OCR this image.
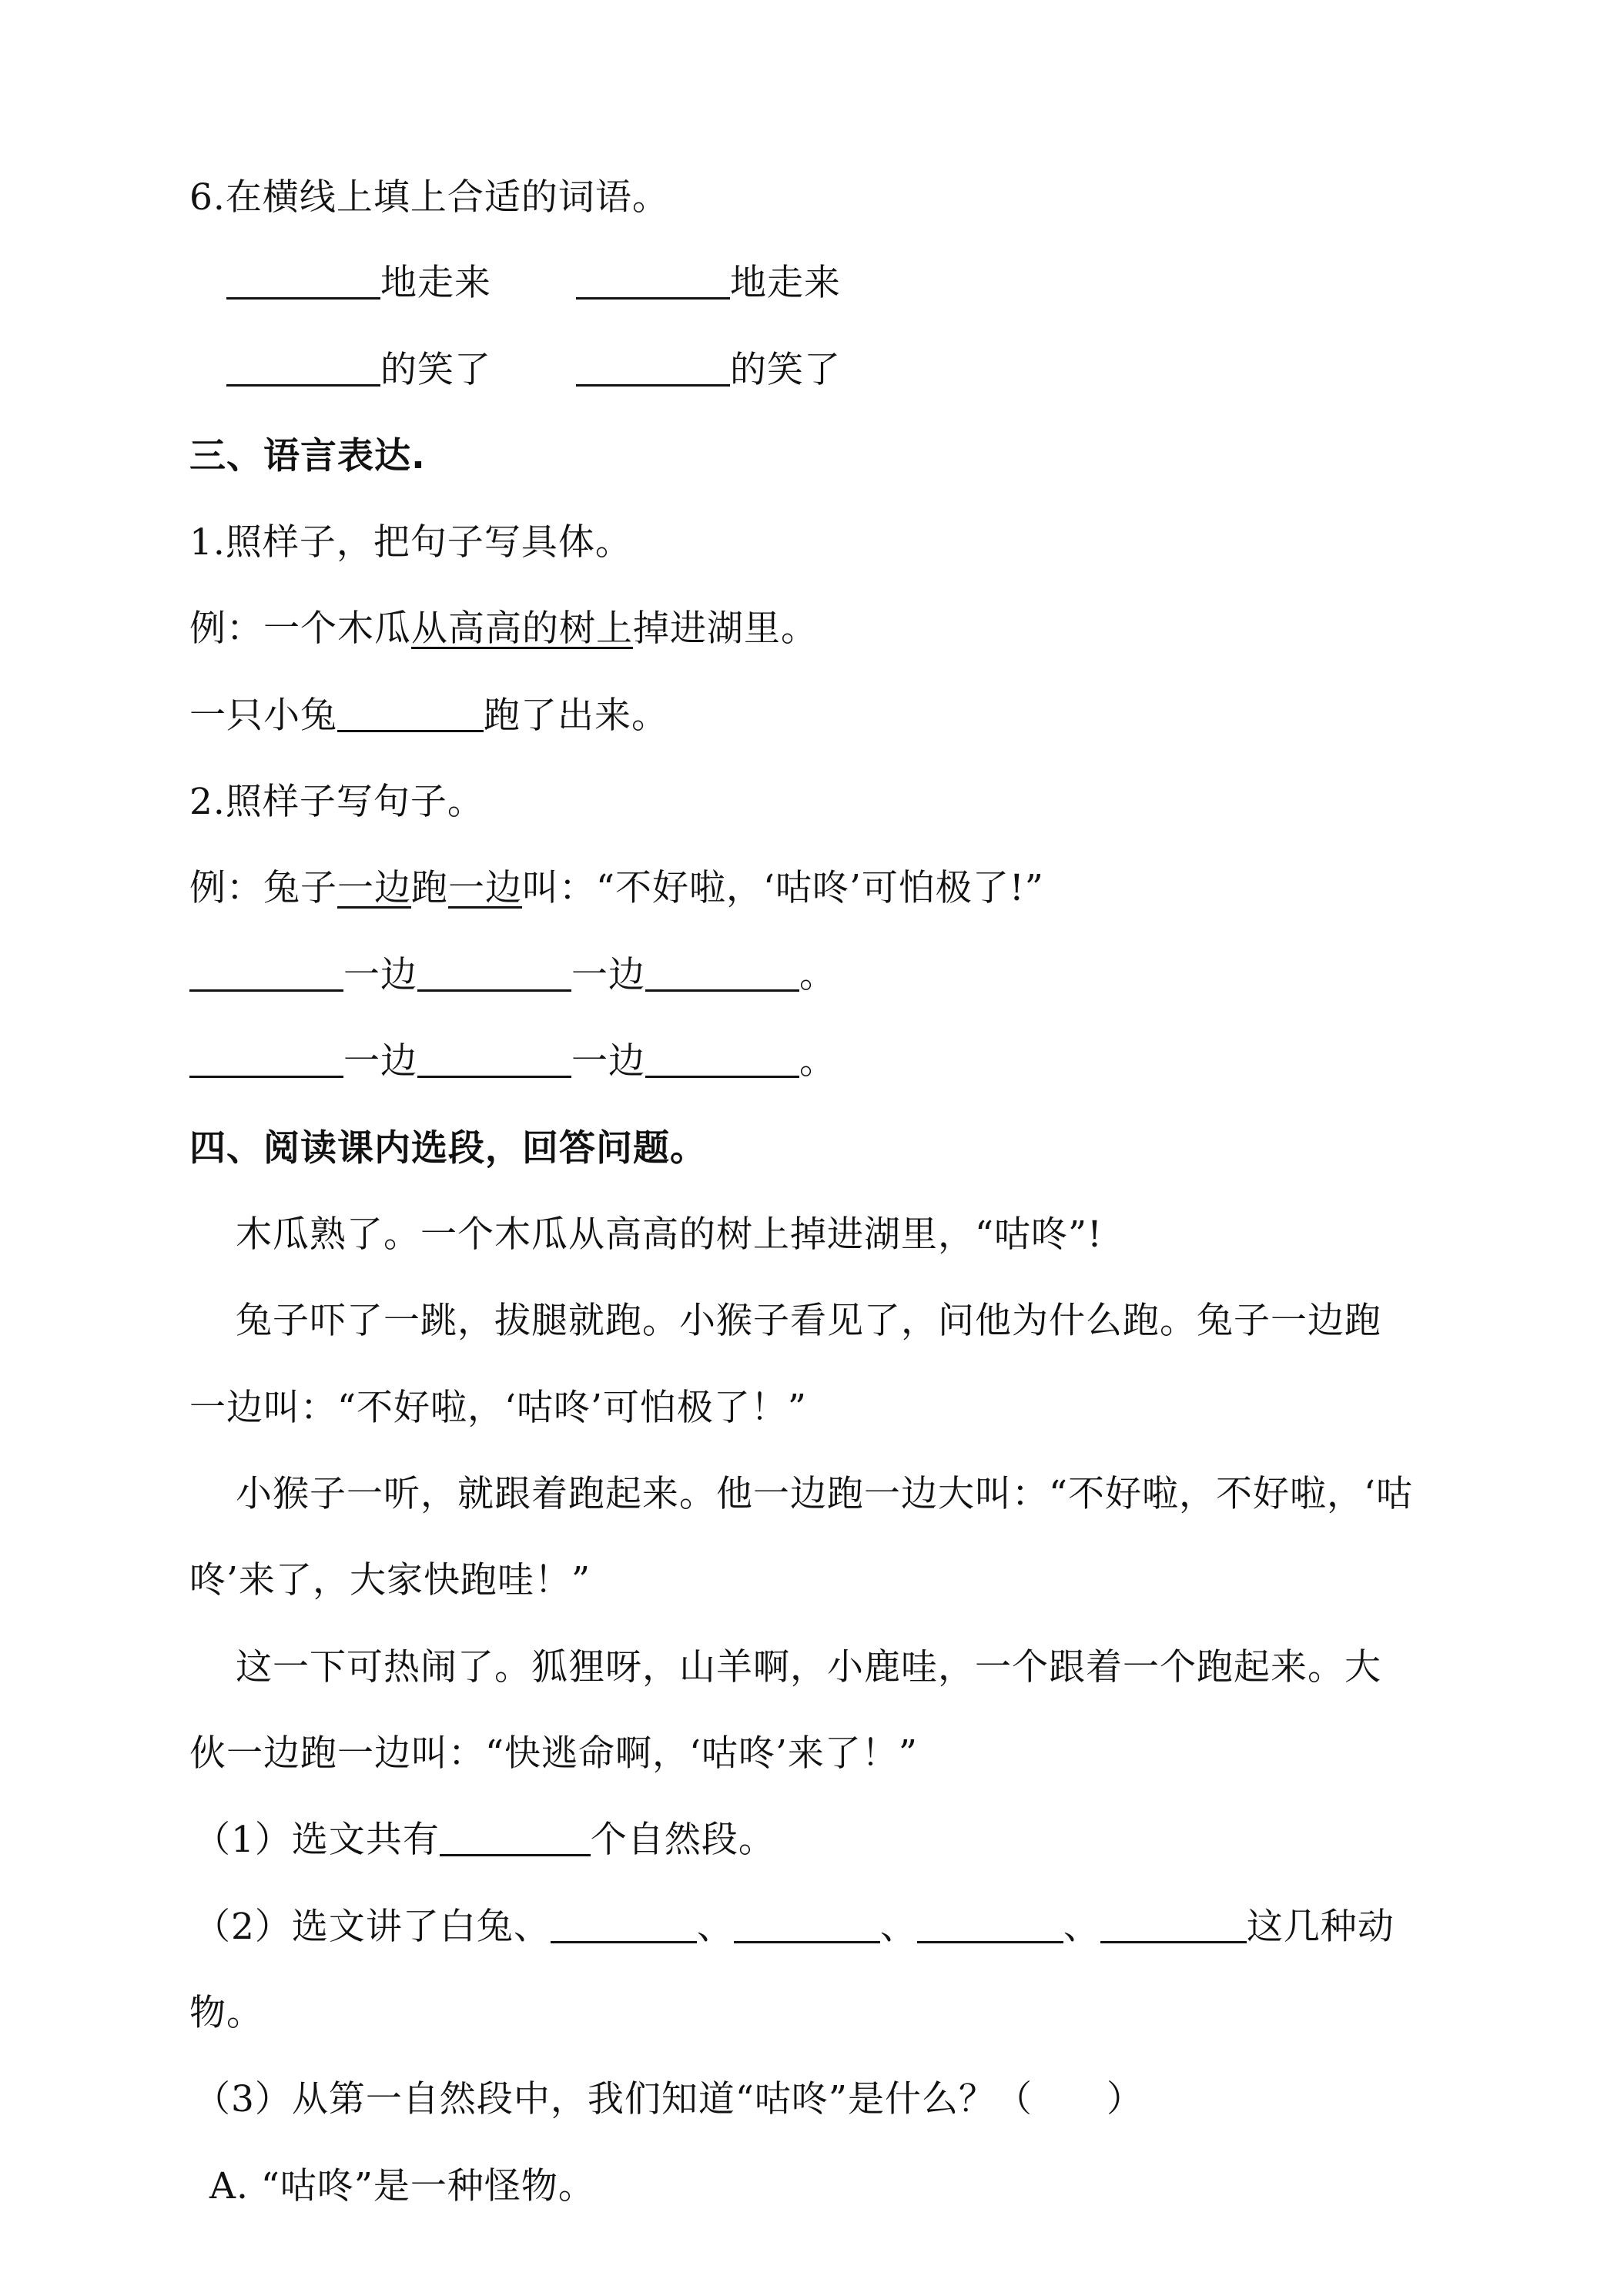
6.在横线上填上合适的词语。
地走来	地走来
的笑了	的笑了
三、语言表达.
1.照样子，把句子写具体。
例：一个木瓜从高高的树上掉进湖里。
一只小兔	跑了出来。
2.照样子写句子。
例：兔子一边跑一边叫：“不好啦，‘咕咚’可怕极了!”
一边	一边	。
一边	一边	。
四、阅读课内选段，回答问题。
木瓜熟了。一个木瓜从高高的树上掉进湖里，“咕咚”!
兔子吓了一跳，拔腿就跑。小猴子看见了，问他为什么跑。兔子一边跑
一边叫：“不好啦，‘咕咚’可怕极了！”
小猴子一听，就跟着跑起来。他一边跑一边大叫：“不好啦，不好啦，‘咕
咚’来了，大家快跑哇！”
这一下可热闹了。狐狸呀，山羊啊，小鹿哇，一个跟着一个跑起来。大
伙一边跑一边叫：“快逃命啊，‘咕咚’来了！”
（1）选文共有	个自然段。
（2）选文讲了白兔、	、	、	、	这几种动
物。
（3）从第一自然段中，我们知道“咕咚”是什么？（　　）
A. “咕咚”是一种怪物。
